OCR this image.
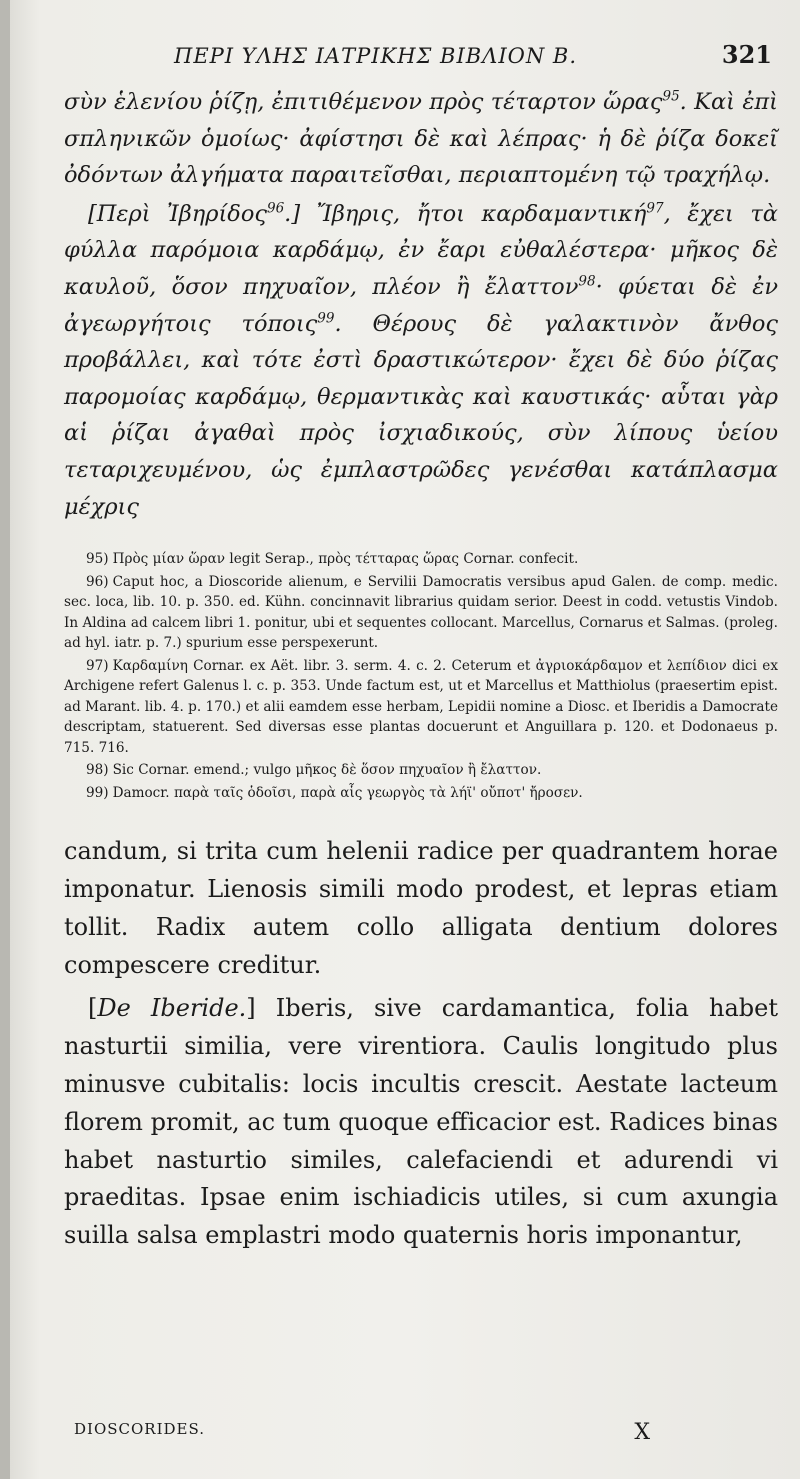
ΠΕΡΙ ΥΛΗΣ ΙΑΤΡΙΚΗΣ ΒΙΒΛΙΟΝ Β.	321

σὺν ἑλενίου ῥίζῃ, ἐπιτιθέμενον πρὸς τέταρτον ὥρας$^{95}$. Καὶ ἐπὶ σπληνικῶν ὁμοίως· ἀφίστησι δὲ καὶ λέπρας· ἡ δὲ ῥίζα δοκεῖ ὀδόντων ἀλγήματα παραιτεῖσθαι, περιαπτομένη τῷ τραχήλῳ.

[Περὶ Ἰβηρίδος$^{96}$.] Ἴβηρις, ἤτοι καρδαμαντική$^{97}$, ἔχει τὰ φύλλα παρόμοια καρδάμῳ, ἐν ἔαρι εὐθαλέστερα· μῆκος δὲ καυλοῦ, ὅσον πηχυαῖον, πλέον ἢ ἔλαττον$^{98}$· φύεται δὲ ἐν ἀγεωργήτοις τόποις$^{99}$. Θέρους δὲ γαλακτινὸν ἄνθος προβάλλει, καὶ τότε ἐστὶ δραστικώτερον· ἔχει δὲ δύο ῥίζας παρομοίας καρδάμῳ, θερμαντικὰς καὶ καυστικάς· αὗται γὰρ αἱ ῥίζαι ἀγαθαὶ πρὸς ἰσχιαδικούς, σὺν λίπους ὑείου τεταριχευμένου, ὡς ἐμπλαστρῶδες γενέσθαι κατάπλασμα μέχρις

95) Πρὸς μίαν ὥραν legit Serap., πρὸς τέτταρας ὥρας Cornar. confecit.

96) Caput hoc, a Dioscoride alienum, e Servilii Damocratis versibus apud Galen. de comp. medic. sec. loca, lib. 10. p. 350. ed. Kühn. concinnavit librarius quidam serior. Deest in codd. vetustis Vindob. In Aldina ad calcem libri 1. ponitur, ubi et sequentes collocant. Marcellus, Cornarus et Salmas. (proleg. ad hyl. iatr. p. 7.) spurium esse perspexerunt.

97) Καρδαμίνη Cornar. ex Aët. libr. 3. serm. 4. c. 2. Ceterum et ἀγριοκάρδαμον et λεπίδιον dici ex Archigene refert Galenus l. c. p. 353. Unde factum est, ut et Marcellus et Matthiolus (praesertim epist. ad Marant. lib. 4. p. 170.) et alii eamdem esse herbam, Lepidii nomine a Diosc. et Iberidis a Damocrate descriptam, statuerent. Sed diversas esse plantas docuerunt et Anguillara p. 120. et Dodonaeus p. 715. 716.

98) Sic Cornar. emend.; vulgo μῆκος δὲ ὅσον πηχυαῖον ἢ ἔλαττον.

99) Damocr. παρὰ ταῖς ὁδοῖσι, παρὰ αἷς γεωργὸς τὰ λήϊ' οὔποτ' ἤροσεν.

candum, si trita cum helenii radice per quadrantem horae imponatur. Lienosis simili modo prodest, et lepras etiam tollit. Radix autem collo alligata dentium dolores compescere creditur.

[De Iberide.] Iberis, sive cardamantica, folia habet nasturtii similia, vere virentiora. Caulis longitudo plus minusve cubitalis: locis incultis crescit. Aestate lacteum florem promit, ac tum quoque efficacior est. Radices binas habet nasturtio similes, calefaciendi et adurendi vi praeditas. Ipsae enim ischiadicis utiles, si cum axungia suilla salsa emplastri modo quaternis horis imponantur,

DIOSCORIDES.	X
